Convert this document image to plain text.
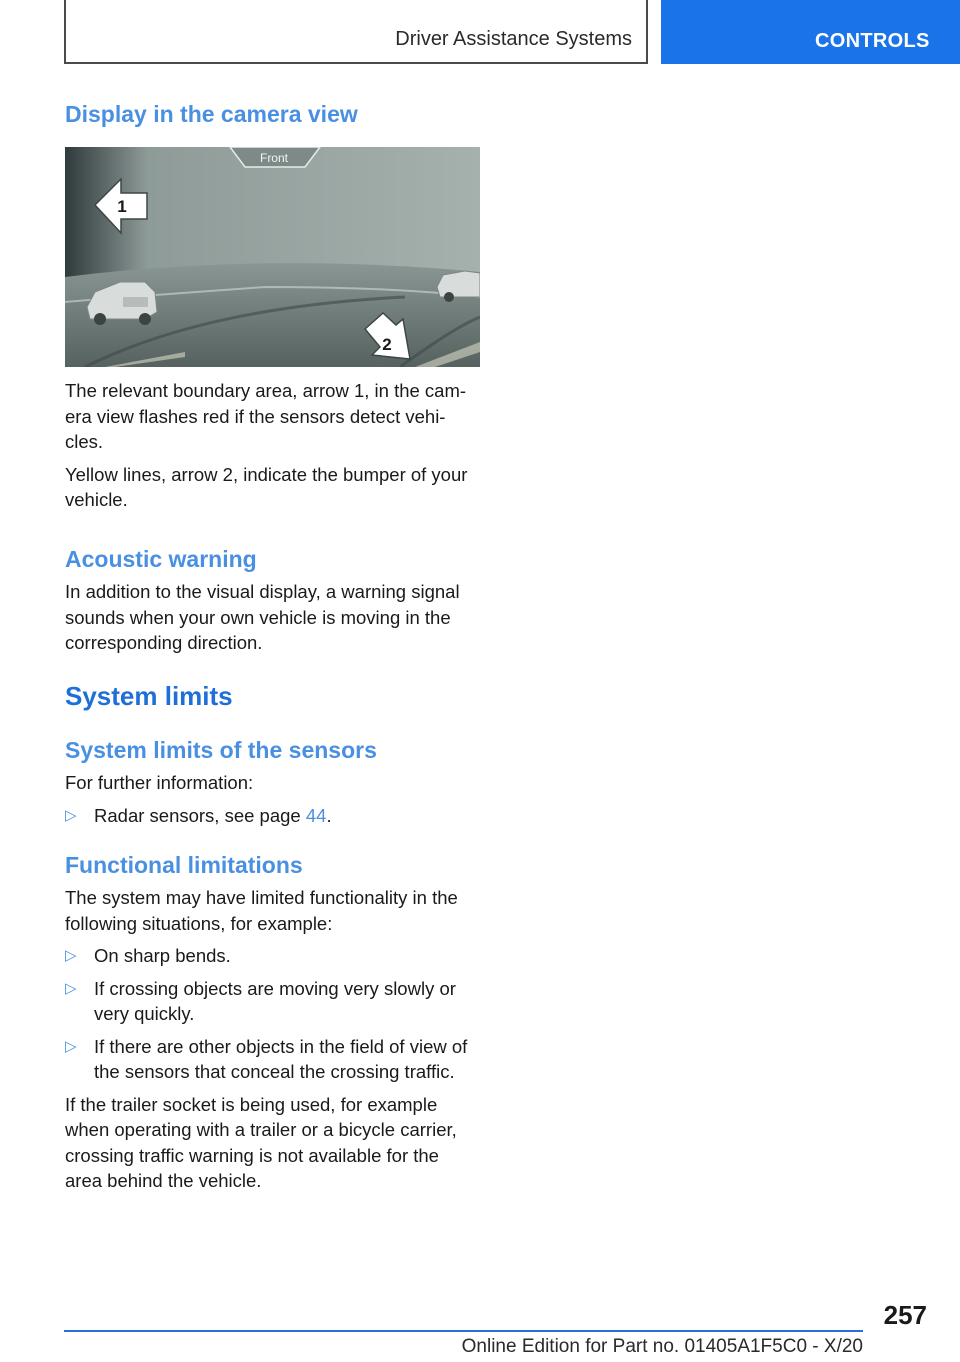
Driver Assistance Systems	CONTROLS
Display in the camera view
Front
1
2

The relevant boundary area, arrow 1, in the cam‐era view flashes red if the sensors detect vehi‐cles.

Yellow lines, arrow 2, indicate the bumper of your vehicle.

Acoustic warning

In addition to the visual display, a warning signal sounds when your own vehicle is moving in the corresponding direction.

System limits
System limits of the sensors

For further information:

▷ Radar sensors, see page 44.
Functional limitations

The system may have limited functionality in the following situations, for example:

▷ On sharp bends.
▷ If crossing objects are moving very slowly or very quickly.
▷ If there are other objects in the field of view of the sensors that conceal the crossing traffic.

If the trailer socket is being used, for example when operating with a trailer or a bicycle carrier, crossing traffic warning is not available for the area behind the vehicle.

257
Online Edition for Part no. 01405A1F5C0 - X/20
